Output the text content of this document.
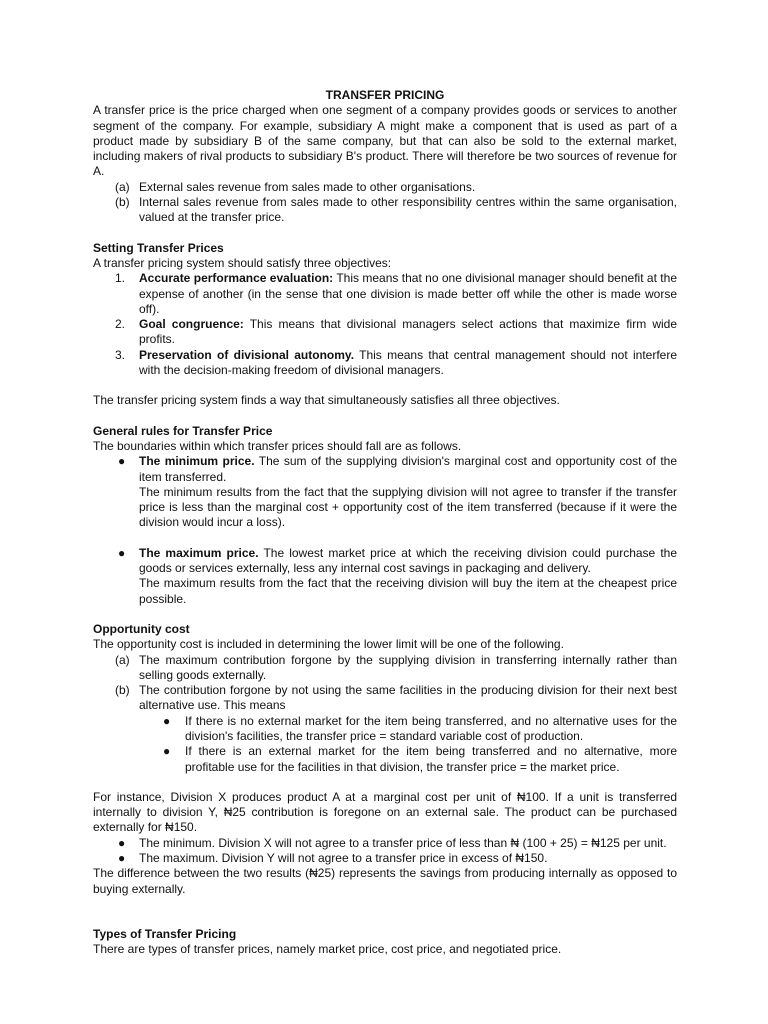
TRANSFER PRICING

A transfer price is the price charged when one segment of a company provides goods or services to another segment of the company. For example, subsidiary A might make a component that is used as part of a product made by subsidiary B of the same company, but that can also be sold to the external market, including makers of rival products to subsidiary B's product. There will therefore be two sources of revenue for A.

(a) External sales revenue from sales made to other organisations.
(b) Internal sales revenue from sales made to other responsibility centres within the same organisation, valued at the transfer price.

Setting Transfer Prices

A transfer pricing system should satisfy three objectives:

1. Accurate performance evaluation: This means that no one divisional manager should benefit at the expense of another (in the sense that one division is made better off while the other is made worse off).
2. Goal congruence: This means that divisional managers select actions that maximize firm wide profits.
3. Preservation of divisional autonomy. This means that central management should not interfere with the decision-making freedom of divisional managers.

The transfer pricing system finds a way that simultaneously satisfies all three objectives.

General rules for Transfer Price

The boundaries within which transfer prices should fall are as follows.

● The minimum price. The sum of the supplying division's marginal cost and opportunity cost of the item transferred.
The minimum results from the fact that the supplying division will not agree to transfer if the transfer price is less than the marginal cost + opportunity cost of the item transferred (because if it were the division would incur a loss).
● The maximum price. The lowest market price at which the receiving division could purchase the goods or services externally, less any internal cost savings in packaging and delivery.
The maximum results from the fact that the receiving division will buy the item at the cheapest price possible.

Opportunity cost

The opportunity cost is included in determining the lower limit will be one of the following.

(a) The maximum contribution forgone by the supplying division in transferring internally rather than selling goods externally.
(b) The contribution forgone by not using the same facilities in the producing division for their next best alternative use. This means
● If there is no external market for the item being transferred, and no alternative uses for the division's facilities, the transfer price = standard variable cost of production.
● If there is an external market for the item being transferred and no alternative, more profitable use for the facilities in that division, the transfer price = the market price.

For instance, Division X produces product A at a marginal cost per unit of ₦100. If a unit is transferred internally to division Y, ₦25 contribution is foregone on an external sale. The product can be purchased externally for ₦150.

● The minimum. Division X will not agree to a transfer price of less than ₦ (100 + 25) = ₦125 per unit.
● The maximum. Division Y will not agree to a transfer price in excess of ₦150.

The difference between the two results (₦25) represents the savings from producing internally as opposed to buying externally.

Types of Transfer Pricing

There are types of transfer prices, namely market price, cost price, and negotiated price.
